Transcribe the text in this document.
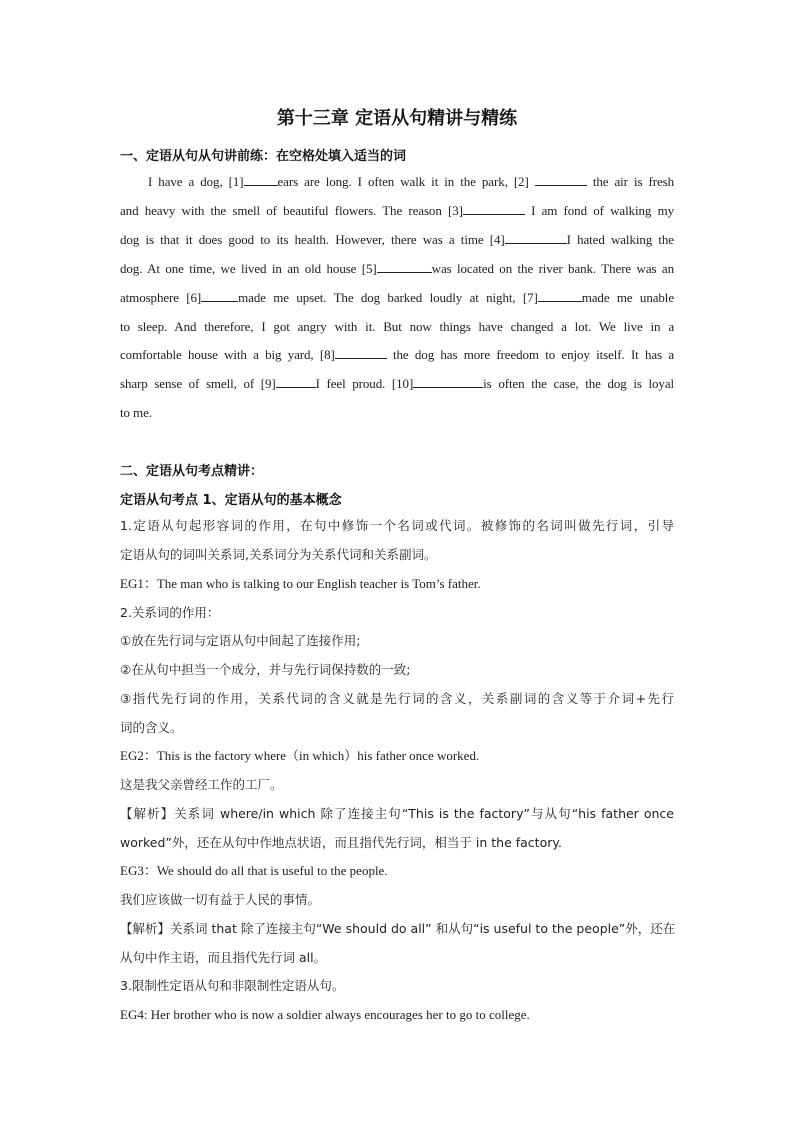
第十三章 定语从句精讲与精练

一、定语从句从句讲前练：在空格处填入适当的词

I have a dog, [1]	ears are long. I often walk it in the park, [2]	the air is fresh
and heavy with the smell of beautiful flowers. The reason [3]	I am fond of walking my
dog is that it does good to its health. However, there was a time [4]	I hated walking the
dog. At one time, we lived in an old house [5]	was located on the river bank. There was an
atmosphere [6]	made me upset. The dog barked loudly at night, [7]	made me unable
to sleep. And therefore, I got angry with it. But now things have changed a lot. We live in a
comfortable house with a big yard, [8]	the dog has more freedom to enjoy itself. It has a
sharp sense of smell, of [9]	I feel proud. [10]	is often the case, the dog is loyal
to me.

二、定语从句考点精讲：

定语从句考点 1、定语从句的基本概念

1.定语从句起形容词的作用，在句中修饰一个名词或代词。被修饰的名词叫做先行词，引导

定语从句的词叫关系词,关系词分为关系代词和关系副词。

EG1：The man who is talking to our English teacher is Tom’s father.

2.关系词的作用：

①放在先行词与定语从句中间起了连接作用;

②在从句中担当一个成分，并与先行词保持数的一致;

③指代先行词的作用，关系代词的含义就是先行词的含义，关系副词的含义等于介词+先行

词的含义。

EG2：This is the factory where（in which）his father once worked.

这是我父亲曾经工作的工厂。

【解析】关系词 where/in which 除了连接主句“This is the factory”与从句“his father once

worked”外，还在从句中作地点状语，而且指代先行词，相当于 in the factory.

EG3：We should do all that is useful to the people.

我们应该做一切有益于人民的事情。

【解析】关系词 that 除了连接主句“We should do all” 和从句“is useful to the people”外，还在

从句中作主语，而且指代先行词 all。

3.限制性定语从句和非限制性定语从句。

EG4: Her brother who is now a soldier always encourages her to go to college.
